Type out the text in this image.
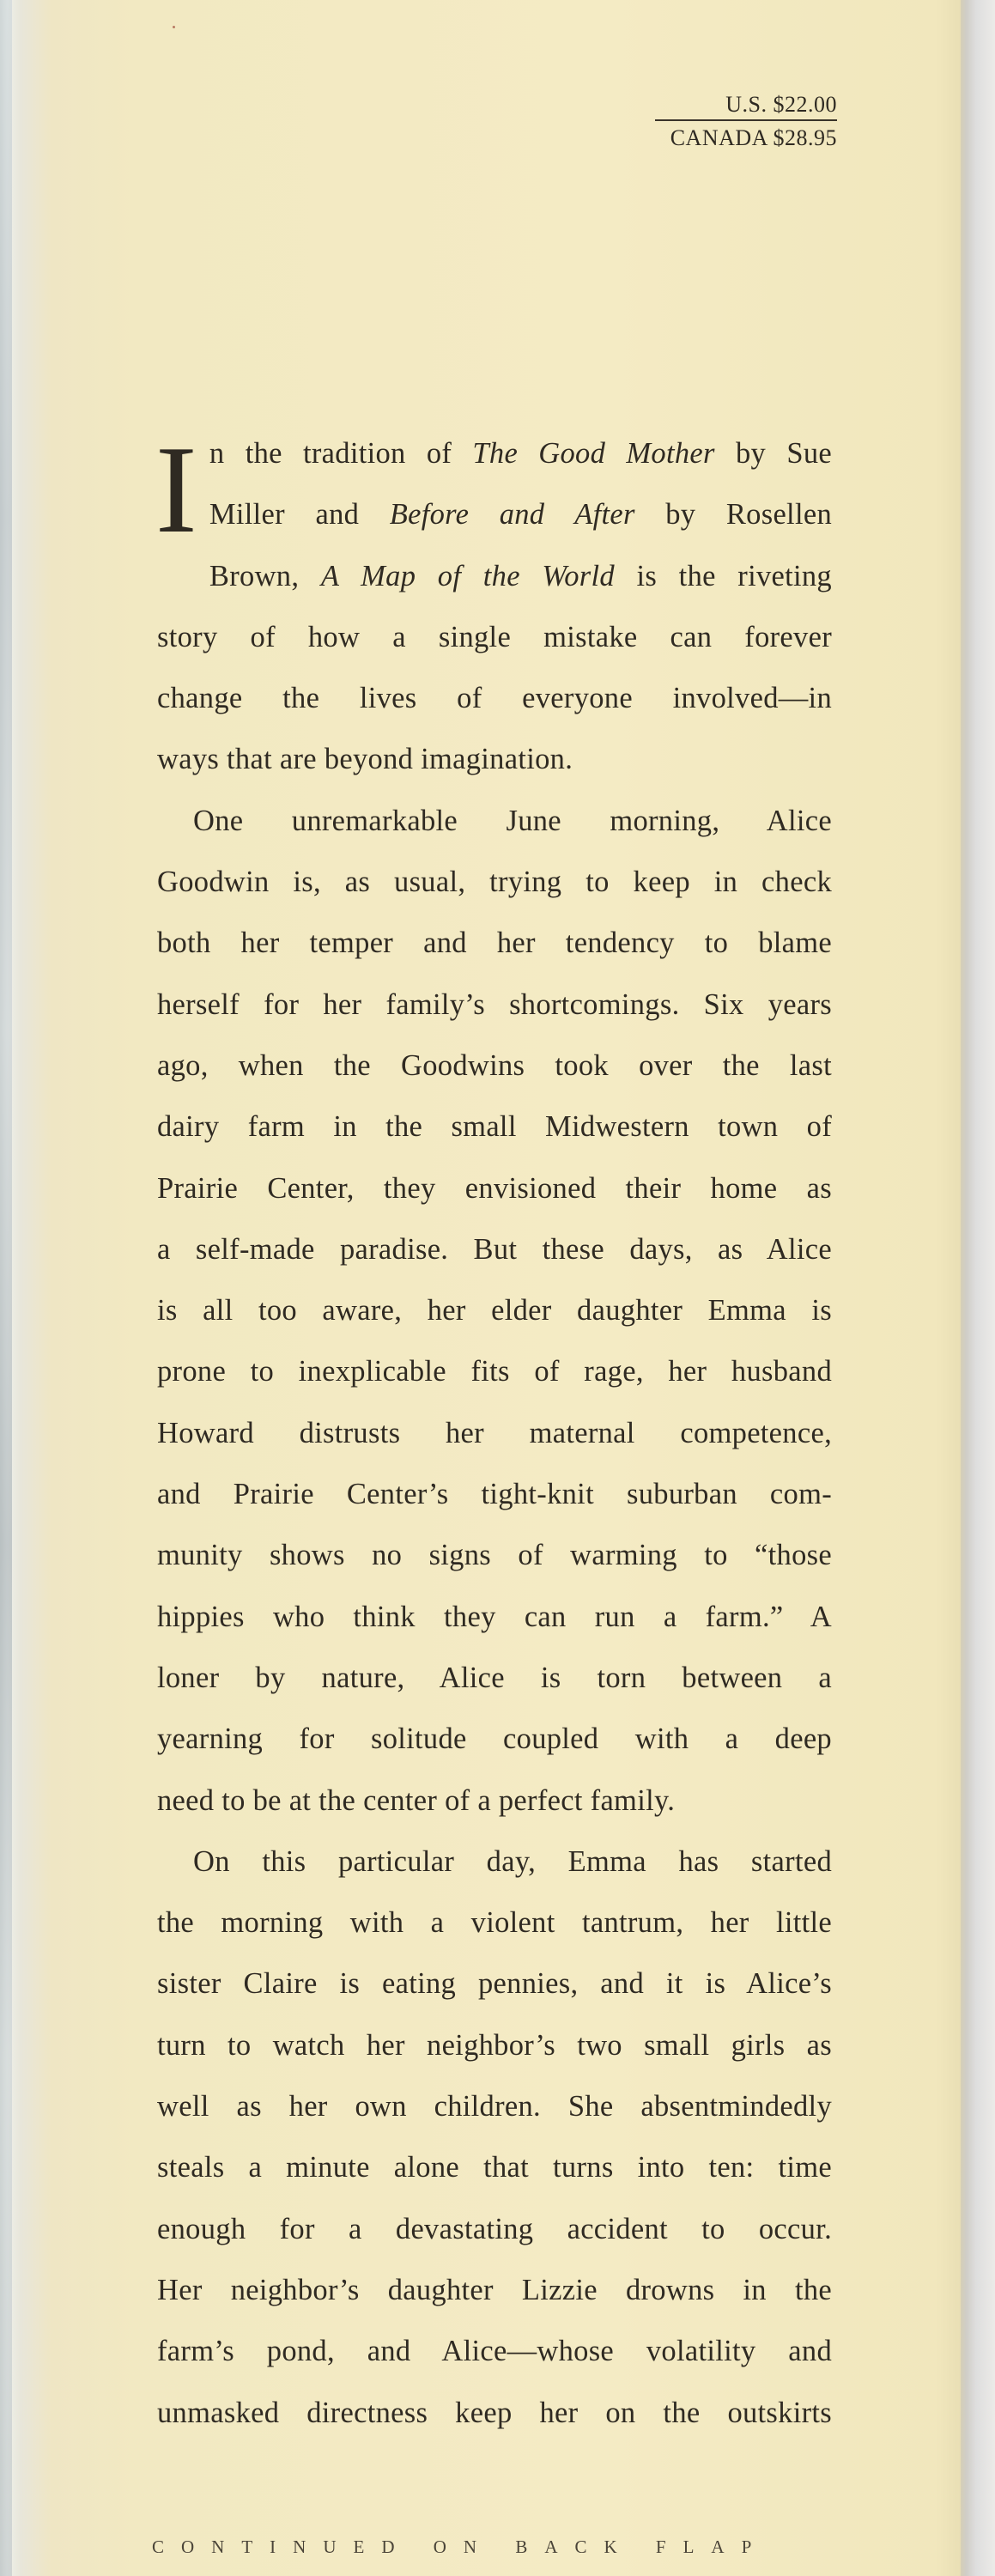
U.S. $22.00
CANADA $28.95

I n the tradition of The Good Mother by Sue
Miller and Before and After by Rosellen
Brown, A Map of the World is the riveting
story of how a single mistake can forever
change the lives of everyone involved—in
ways that are beyond imagination.

One unremarkable June morning, Alice
Goodwin is, as usual, trying to keep in check
both her temper and her tendency to blame
herself for her family’s shortcomings. Six years
ago, when the Goodwins took over the last
dairy farm in the small Midwestern town of
Prairie Center, they envisioned their home as
a self-made paradise. But these days, as Alice
is all too aware, her elder daughter Emma is
prone to inexplicable fits of rage, her husband
Howard distrusts her maternal competence,
and Prairie Center’s tight-knit suburban com-
munity shows no signs of warming to “those
hippies who think they can run a farm.” A
loner by nature, Alice is torn between a
yearning for solitude coupled with a deep
need to be at the center of a perfect family.

On this particular day, Emma has started
the morning with a violent tantrum, her little
sister Claire is eating pennies, and it is Alice’s
turn to watch her neighbor’s two small girls as
well as her own children. She absentmindedly
steals a minute alone that turns into ten: time
enough for a devastating accident to occur.
Her neighbor’s daughter Lizzie drowns in the
farm’s pond, and Alice—whose volatility and
unmasked directness keep her on the outskirts

CONTINUED ON BACK FLAP
